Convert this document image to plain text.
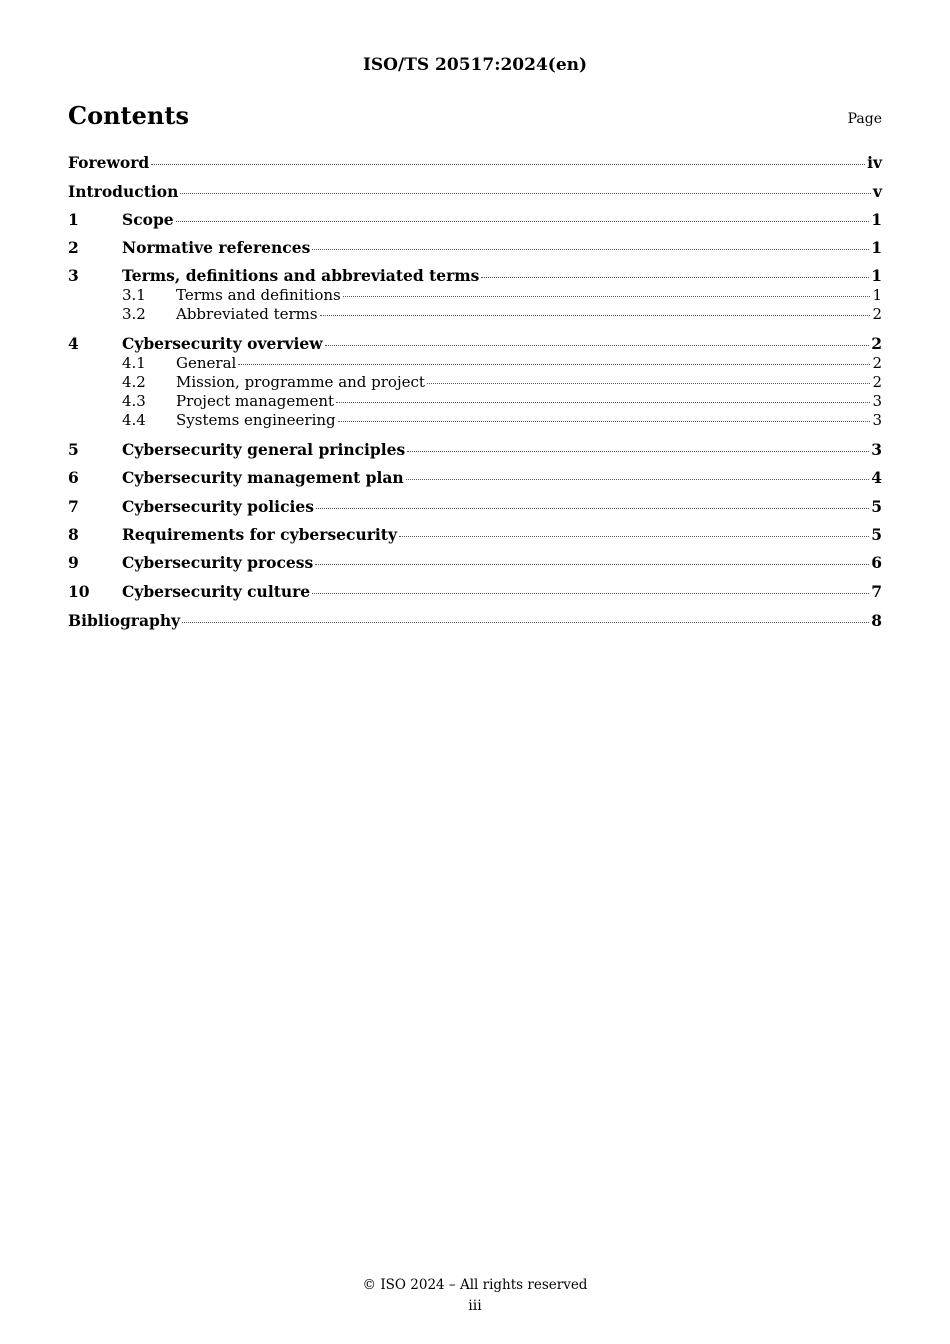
ISO/TS 20517:2024(en)
Contents	Page
Foreword	iv
Introduction	v
1	Scope	1
2	Normative references	1
3	Terms, definitions and abbreviated terms	1
3.1	Terms and definitions	1
3.2	Abbreviated terms	2
4	Cybersecurity overview	2
4.1	General	2
4.2	Mission, programme and project	2
4.3	Project management	3
4.4	Systems engineering	3
5	Cybersecurity general principles	3
6	Cybersecurity management plan	4
7	Cybersecurity policies	5
8	Requirements for cybersecurity	5
9	Cybersecurity process	6
10	Cybersecurity culture	7
Bibliography	8
© ISO 2024 – All rights reserved
iii
